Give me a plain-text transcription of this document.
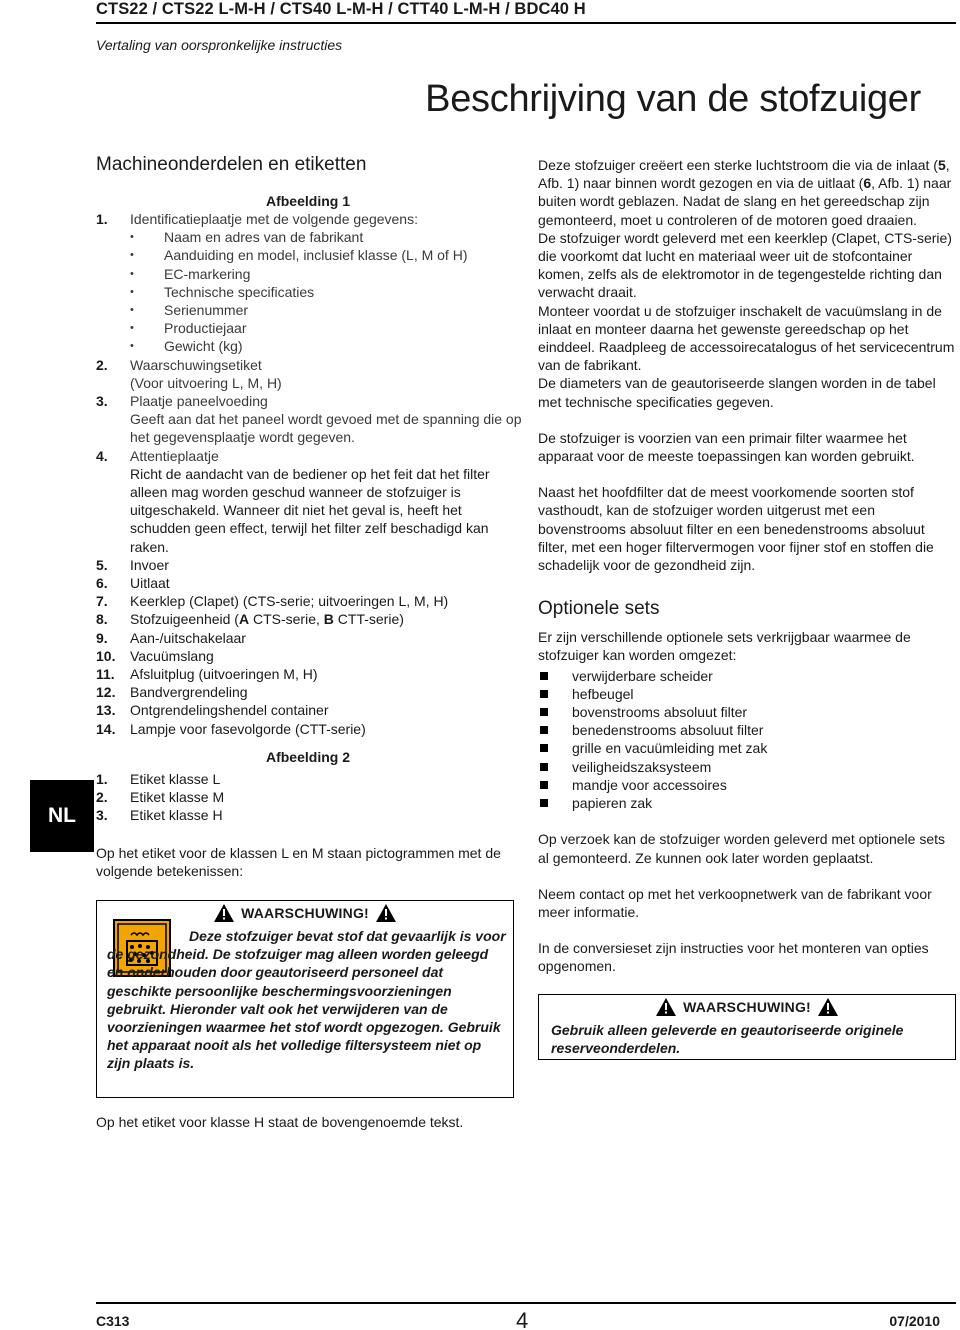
CTS22 / CTS22 L-M-H / CTS40 L-M-H / CTT40 L-M-H / BDC40 H
Vertaling van oorspronkelijke instructies
Beschrijving van de stofzuiger
NL
Machineonderdelen en etiketten
Afbeelding 1
1. Identificatieplaatje met de volgende gegevens:
• Naam en adres van de fabrikant
• Aanduiding en model, inclusief klasse (L, M of H)
• EC-markering
• Technische specificaties
• Serienummer
• Productiejaar
• Gewicht (kg)
2. Waarschuwingsetiket
(Voor uitvoering L, M, H)
3. Plaatje paneelvoeding
Geeft aan dat het paneel wordt gevoed met de spanning die op het gegevensplaatje wordt gegeven.
4. Attentieplaatje
Richt de aandacht van de bediener op het feit dat het filter alleen mag worden geschud wanneer de stofzuiger is uitgeschakeld. Wanneer dit niet het geval is, heeft het schudden geen effect, terwijl het filter zelf beschadigd kan raken.
5. Invoer
6. Uitlaat
7. Keerklep (Clapet) (CTS-serie; uitvoeringen L, M, H)
8. Stofzuigeenheid (A CTS-serie, B CTT-serie)
9. Aan-/uitschakelaar
10. Vacuümslang
11. Afsluitplug (uitvoeringen M, H)
12. Bandvergrendeling
13. Ontgrendelingshendel container
14. Lampje voor fasevolgorde (CTT-serie)
Afbeelding 2
1. Etiket klasse L
2. Etiket klasse M
3. Etiket klasse H

Op het etiket voor de klassen L en M staan pictogrammen met de volgende betekenissen:

WAARSCHUWING!

Deze stofzuiger bevat stof dat gevaarlijk is voor de gezondheid. De stofzuiger mag alleen worden geleegd en onderhouden door geautoriseerd personeel dat geschikte persoonlijke beschermingsvoorzieningen gebruikt. Hieronder valt ook het verwijderen van de voorzieningen waarmee het stof wordt opgezogen. Gebruik het apparaat nooit als het volledige filtersysteem niet op zijn plaats is.

Op het etiket voor klasse H staat de bovengenoemde tekst.

Deze stofzuiger creëert een sterke luchtstroom die via de inlaat (5, Afb. 1) naar binnen wordt gezogen en via de uitlaat (6, Afb. 1) naar buiten wordt geblazen. Nadat de slang en het gereedschap zijn gemonteerd, moet u controleren of de motoren goed draaien.

De stofzuiger wordt geleverd met een keerklep (Clapet, CTS-serie) die voorkomt dat lucht en materiaal weer uit de stofcontainer komen, zelfs als de elektromotor in de tegengestelde richting dan verwacht draait.

Monteer voordat u de stofzuiger inschakelt de vacuümslang in de inlaat en monteer daarna het gewenste gereedschap op het einddeel. Raadpleeg de accessoirecatalogus of het servicecentrum van de fabrikant.

De diameters van de geautoriseerde slangen worden in de tabel met technische specificaties gegeven.

De stofzuiger is voorzien van een primair filter waarmee het apparaat voor de meeste toepassingen kan worden gebruikt.

Naast het hoofdfilter dat de meest voorkomende soorten stof vasthoudt, kan de stofzuiger worden uitgerust met een bovenstrooms absoluut filter en een benedenstrooms absoluut filter, met een hoger filtervermogen voor fijner stof en stoffen die schadelijk voor de gezondheid zijn.

Optionele sets

Er zijn verschillende optionele sets verkrijgbaar waarmee de stofzuiger kan worden omgezet:

verwijderbare scheider
hefbeugel
bovenstrooms absoluut filter
benedenstrooms absoluut filter
grille en vacuümleiding met zak
veiligheidszaksysteem
mandje voor accessoires
papieren zak

Op verzoek kan de stofzuiger worden geleverd met optionele sets al gemonteerd. Ze kunnen ook later worden geplaatst.

Neem contact op met het verkoopnetwerk van de fabrikant voor meer informatie.

In de conversieset zijn instructies voor het monteren van opties opgenomen.

WAARSCHUWING!

Gebruik alleen geleverde en geautoriseerde originele reserveonderdelen.

C313	4	07/2010
